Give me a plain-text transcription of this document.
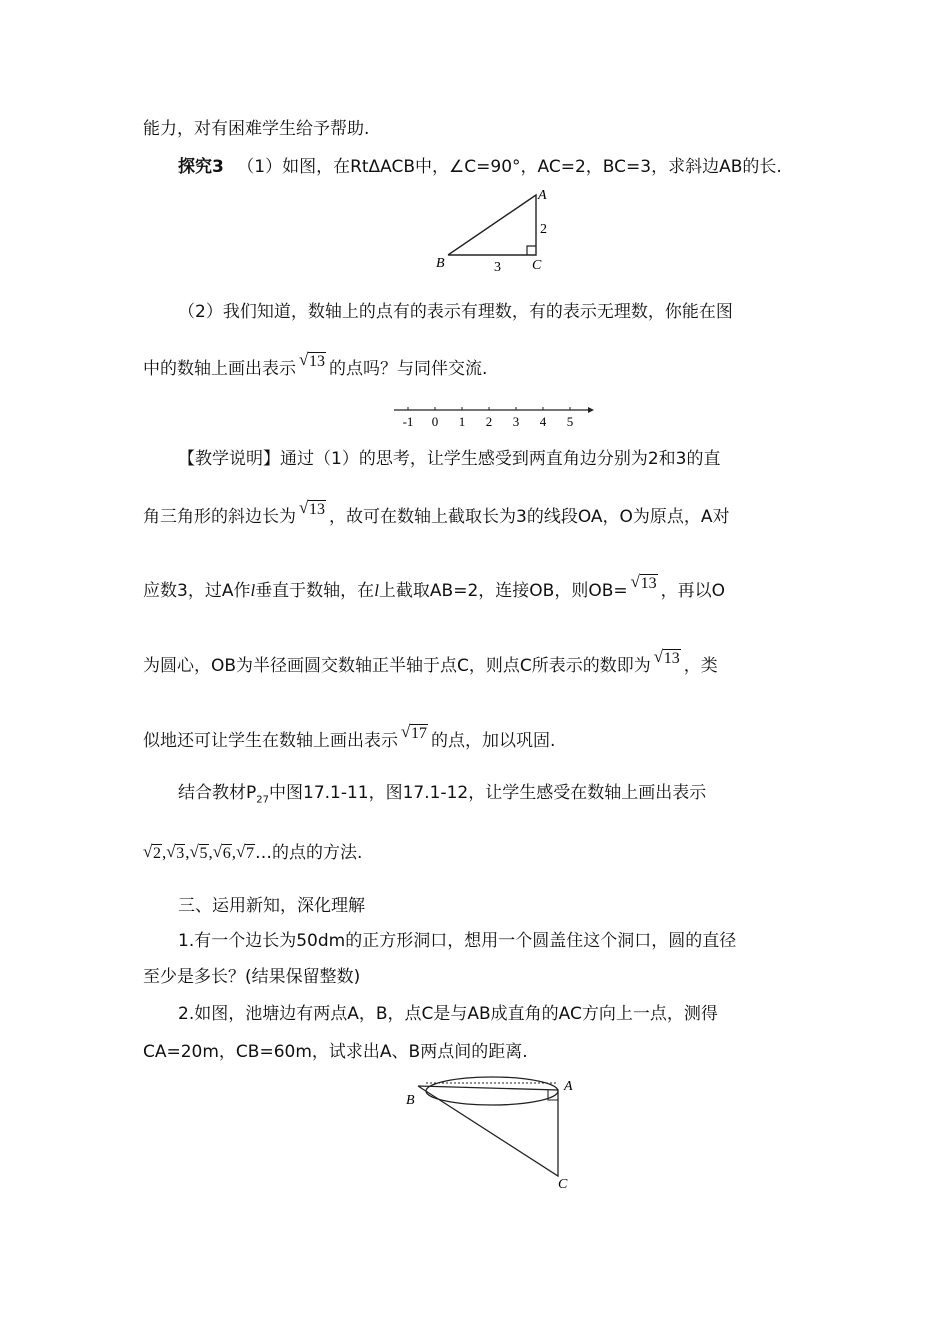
能力，对有困难学生给予帮助.
探究3 （1）如图，在RtΔACB中，∠C=90°，AC=2，BC=3，求斜边AB的长.
A
2
B	3 C
（2）我们知道，数轴上的点有的表示有理数，有的表示无理数，你能在图
中的数轴上画出表示 √ 13 的点吗？与同伴交流.
-1 0 1 2 3 4 5
【教学说明】通过（1）的思考，让学生感受到两直角边分别为2和3的直
角三角形的斜边长为 √ 13 ，故可在数轴上截取长为3的线段OA，O为原点，A对
应数3，过A作l垂直于数轴，在l上截取AB=2，连接OB，则OB= √ 13 ，再以O
为圆心，OB为半径画圆交数轴正半轴于点C，则点C所表示的数即为 √ 13 ，类
似地还可让学生在数轴上画出表示 √ 17 的点，加以巩固.
结合教材$P_{27}$中图17.1-11，图17.1-12，让学生感受在数轴上画出表示
√ 2, √ 3, √ 5, √ 6, √ 7…的点的方法.
三、运用新知，深化理解
1.有一个边长为50dm的正方形洞口，想用一个圆盖住这个洞口，圆的直径
至少是多长？(结果保留整数)
2.如图，池塘边有两点A，B，点C是与AB成直角的AC方向上一点，测得
CA=20m，CB=60m，试求出A、B两点间的距离.
A
B
C
